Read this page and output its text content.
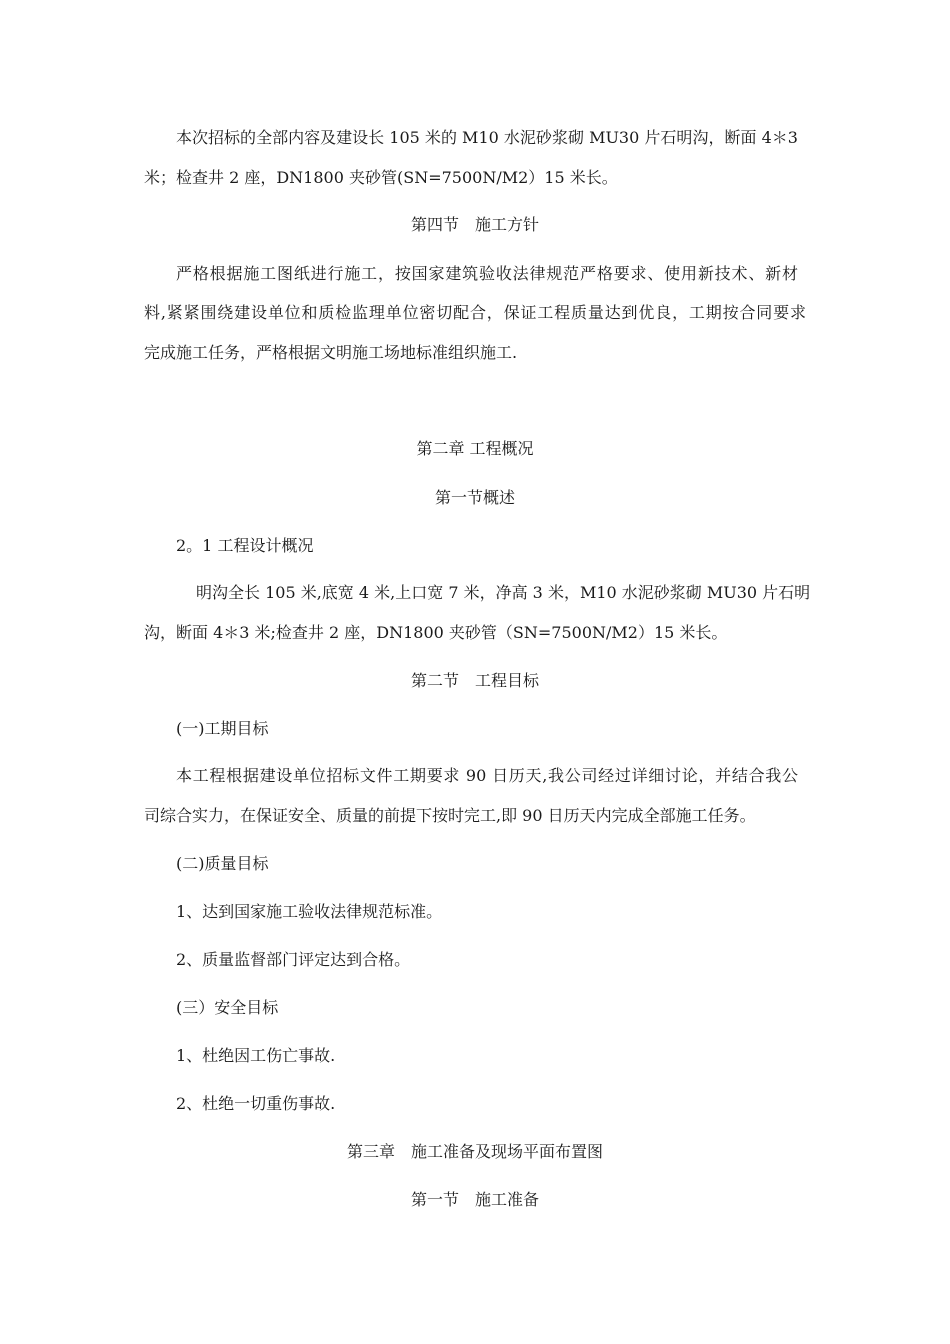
本次招标的全部内容及建设长 105 米的 M10 水泥砂浆砌 MU30 片石明沟，断面 4＊3
米；检查井 2 座，DN1800 夹砂管(SN=7500N/M2）15 米长。
第四节　施工方针
严格根据施工图纸进行施工，按国家建筑验收法律规范严格要求、使用新技术、新材
料,紧紧围绕建设单位和质检监理单位密切配合，保证工程质量达到优良，工期按合同要求
完成施工任务，严格根据文明施工场地标准组织施工.
第二章 工程概况
第一节概述
2。1 工程设计概况
明沟全长 105 米,底宽 4 米,上口宽 7 米，净高 3 米，M10 水泥砂浆砌 MU30 片石明
沟，断面 4＊3 米;检查井 2 座，DN1800 夹砂管（SN=7500N/M2）15 米长。
第二节　工程目标
(一)工期目标
本工程根据建设单位招标文件工期要求 90 日历天,我公司经过详细讨论，并结合我公
司综合实力，在保证安全、质量的前提下按时完工,即 90 日历天内完成全部施工任务。
(二)质量目标
1、达到国家施工验收法律规范标准。
2、质量监督部门评定达到合格。
(三）安全目标
1、杜绝因工伤亡事故.
2、杜绝一切重伤事故.
第三章　施工准备及现场平面布置图
第一节　施工准备
